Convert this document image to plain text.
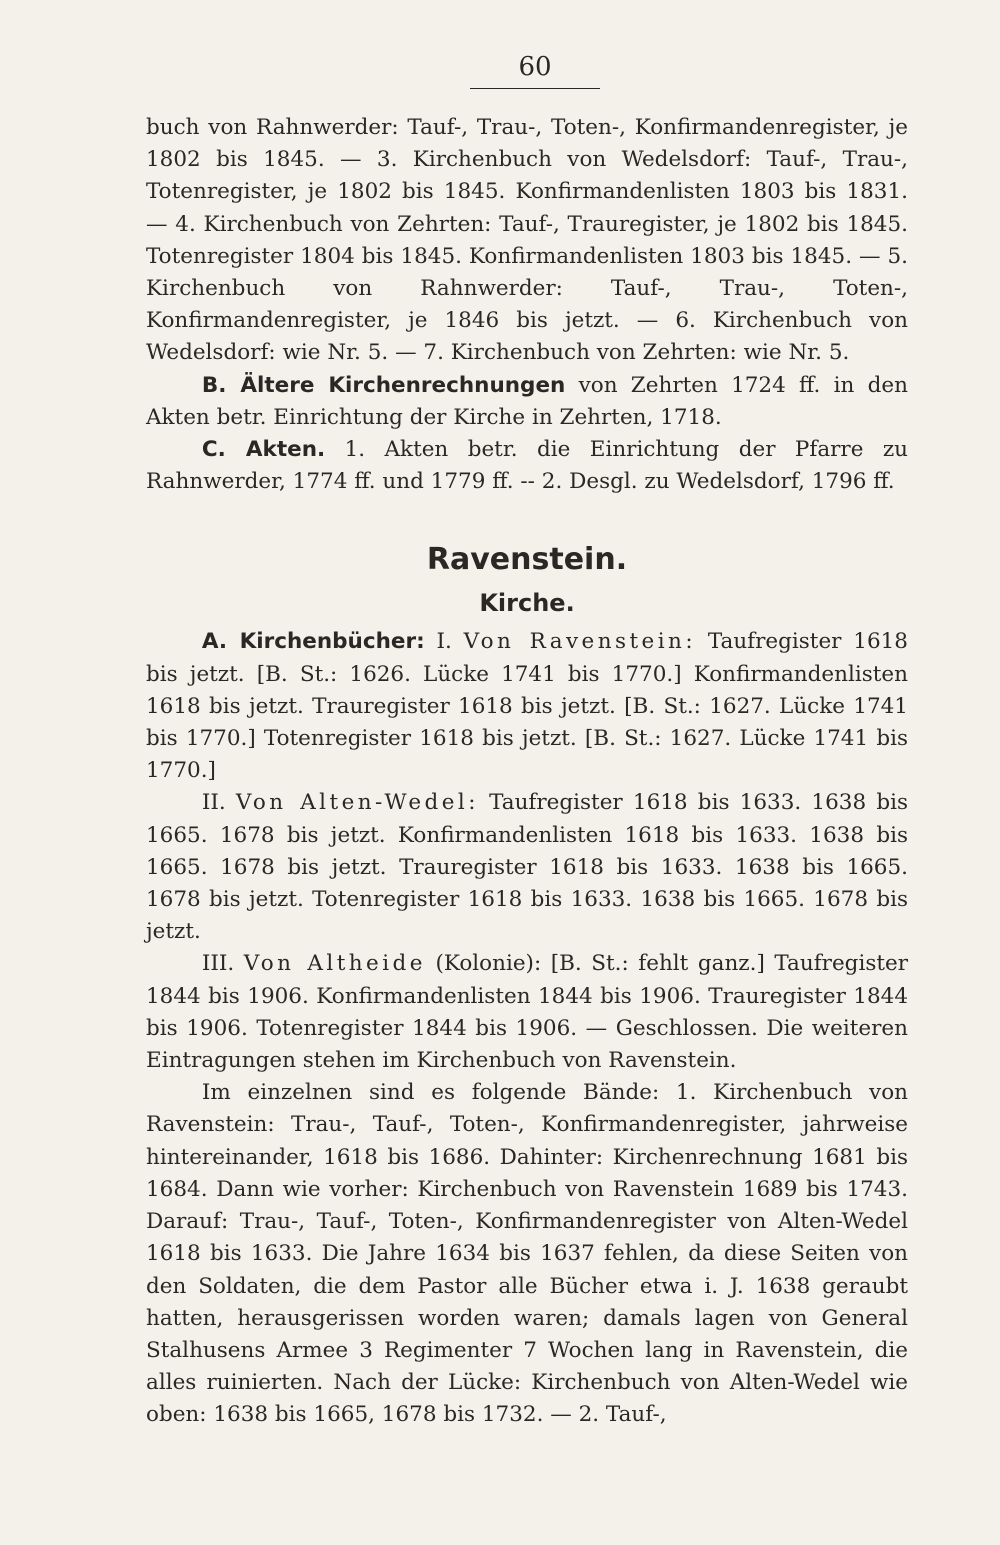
60

buch von Rahnwerder: Tauf-, Trau-, Toten-, Konfirmandenregister, je 1802 bis 1845. — 3. Kirchenbuch von Wedelsdorf: Tauf-, Trau-, Totenregister, je 1802 bis 1845. Konfirmandenlisten 1803 bis 1831. — 4. Kirchenbuch von Zehrten: Tauf-, Trauregister, je 1802 bis 1845. Totenregister 1804 bis 1845. Konfirmandenlisten 1803 bis 1845. — 5. Kirchenbuch von Rahnwerder: Tauf-, Trau-, Toten-, Konfirmandenregister, je 1846 bis jetzt. — 6. Kirchenbuch von Wedelsdorf: wie Nr. 5. — 7. Kirchenbuch von Zehrten: wie Nr. 5.

B. Ältere Kirchenrechnungen von Zehrten 1724 ff. in den Akten betr. Einrichtung der Kirche in Zehrten, 1718.

C. Akten. 1. Akten betr. die Einrichtung der Pfarre zu Rahnwerder, 1774 ff. und 1779 ff. -- 2. Desgl. zu Wedelsdorf, 1796 ff.

Ravenstein.
Kirche.

A. Kirchenbücher: I. Von Ravenstein: Taufregister 1618 bis jetzt. [B. St.: 1626. Lücke 1741 bis 1770.] Konfirmandenlisten 1618 bis jetzt. Trauregister 1618 bis jetzt. [B. St.: 1627. Lücke 1741 bis 1770.] Totenregister 1618 bis jetzt. [B. St.: 1627. Lücke 1741 bis 1770.]

II. Von Alten-Wedel: Taufregister 1618 bis 1633. 1638 bis 1665. 1678 bis jetzt. Konfirmandenlisten 1618 bis 1633. 1638 bis 1665. 1678 bis jetzt. Trauregister 1618 bis 1633. 1638 bis 1665. 1678 bis jetzt. Totenregister 1618 bis 1633. 1638 bis 1665. 1678 bis jetzt.

III. Von Altheide (Kolonie): [B. St.: fehlt ganz.] Taufregister 1844 bis 1906. Konfirmandenlisten 1844 bis 1906. Trauregister 1844 bis 1906. Totenregister 1844 bis 1906. — Geschlossen. Die weiteren Eintragungen stehen im Kirchenbuch von Ravenstein.

Im einzelnen sind es folgende Bände: 1. Kirchenbuch von Ravenstein: Trau-, Tauf-, Toten-, Konfirmandenregister, jahrweise hintereinander, 1618 bis 1686. Dahinter: Kirchenrechnung 1681 bis 1684. Dann wie vorher: Kirchenbuch von Ravenstein 1689 bis 1743. Darauf: Trau-, Tauf-, Toten-, Konfirmandenregister von Alten-Wedel 1618 bis 1633. Die Jahre 1634 bis 1637 fehlen, da diese Seiten von den Soldaten, die dem Pastor alle Bücher etwa i. J. 1638 geraubt hatten, herausgerissen worden waren; damals lagen von General Stalhusens Armee 3 Regimenter 7 Wochen lang in Ravenstein, die alles ruinierten. Nach der Lücke: Kirchenbuch von Alten-Wedel wie oben: 1638 bis 1665, 1678 bis 1732. — 2. Tauf-,
